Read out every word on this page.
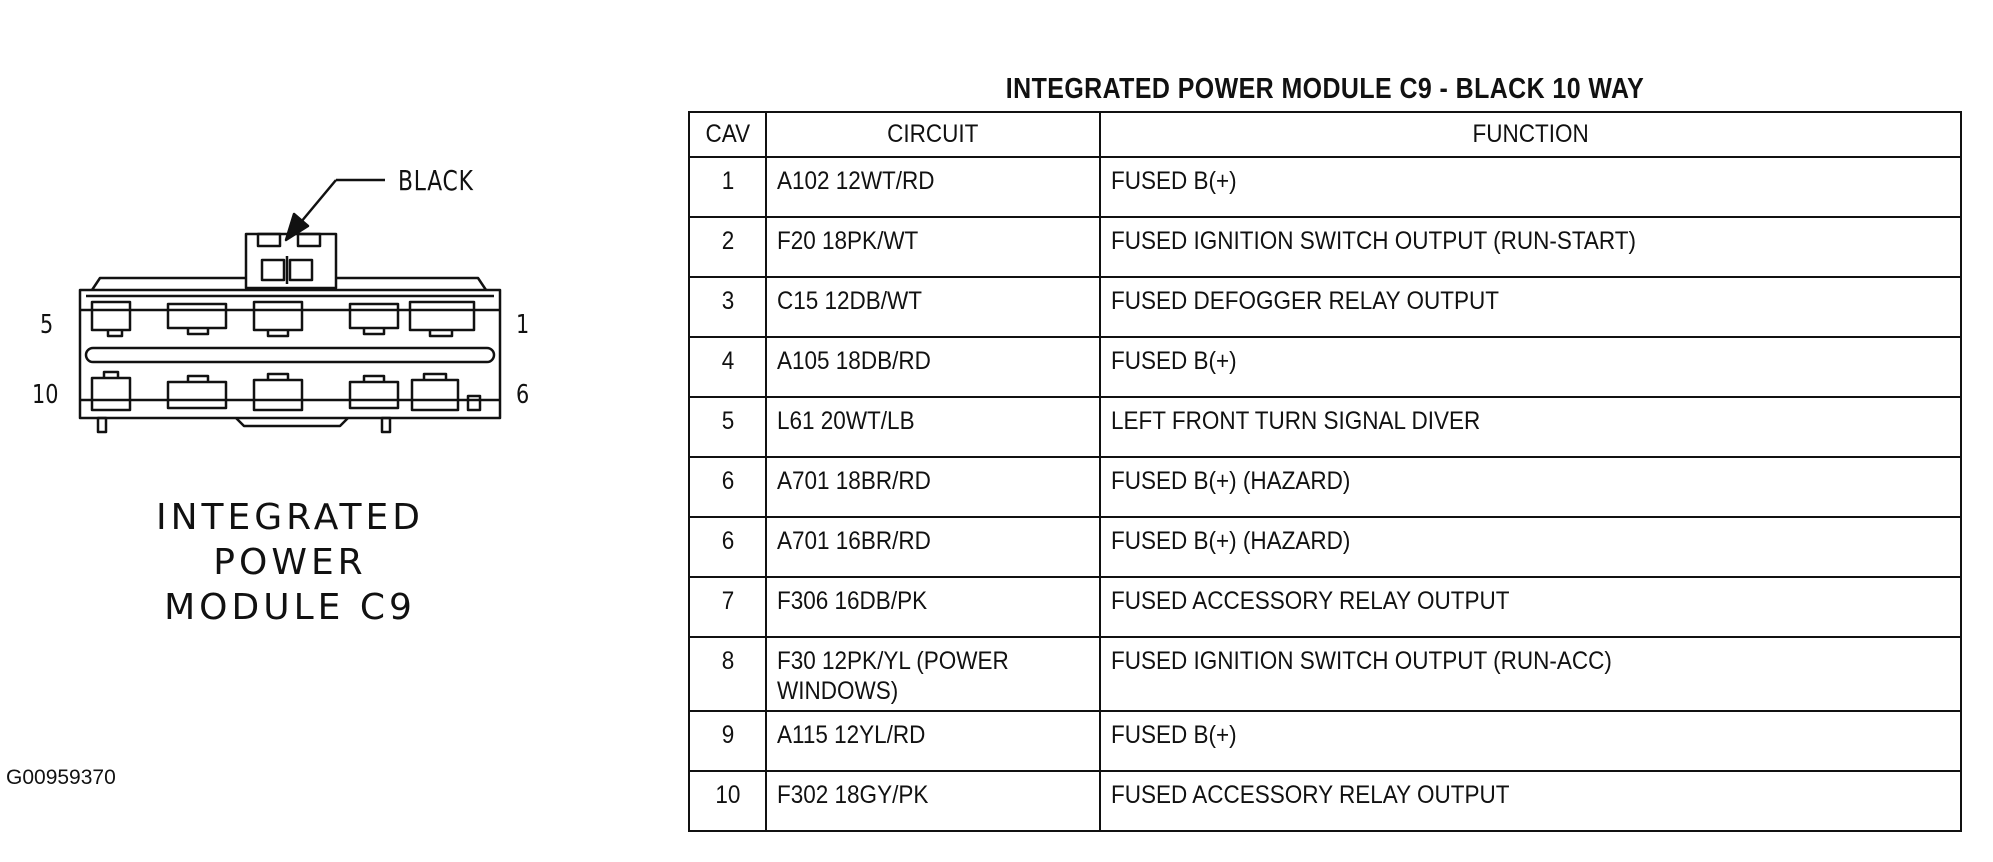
BLACK
5	1
10	6
INTEGRATED
POWER
MODULE C9
G00959370
INTEGRATED POWER MODULE C9 - BLACK 10 WAY
CAV	CIRCUIT	FUNCTION
1	A102 12WT/RD	FUSED B(+)
2	F20 18PK/WT	FUSED IGNITION SWITCH OUTPUT (RUN-START)
3	C15 12DB/WT	FUSED DEFOGGER RELAY OUTPUT
4	A105 18DB/RD	FUSED B(+)
5	L61 20WT/LB	LEFT FRONT TURN SIGNAL DIVER
6	A701 18BR/RD	FUSED B(+) (HAZARD)
6	A701 16BR/RD	FUSED B(+) (HAZARD)
7	F306 16DB/PK	FUSED ACCESSORY RELAY OUTPUT
8	F30 12PK/YL (POWER
WINDOWS)	FUSED IGNITION SWITCH OUTPUT (RUN-ACC)
9	A115 12YL/RD	FUSED B(+)
10	F302 18GY/PK	FUSED ACCESSORY RELAY OUTPUT
